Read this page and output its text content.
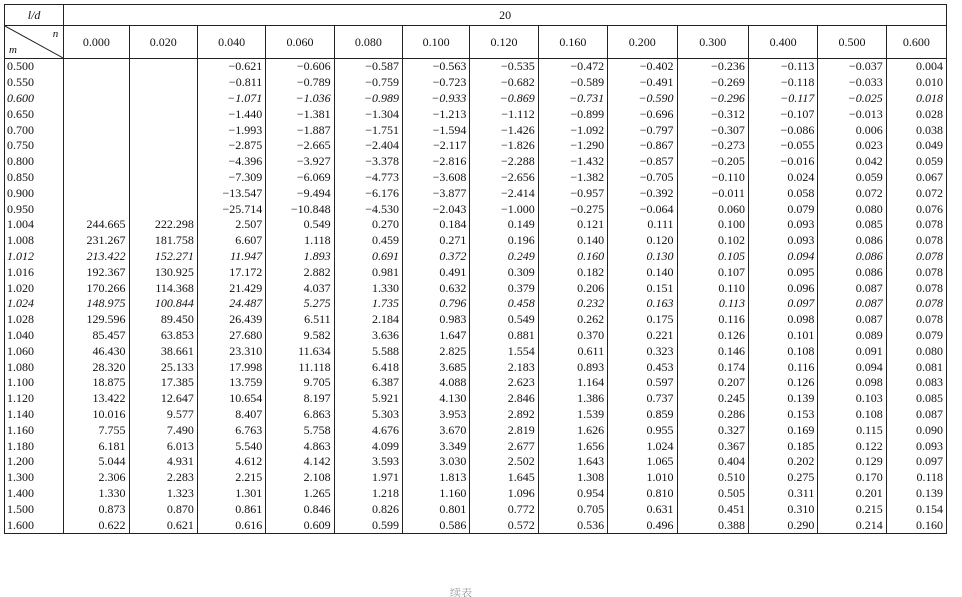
l/d	20												

n
m	0.000	0.020	0.040	0.060	0.080	0.100	0.120	0.160	0.200	0.300	0.400	0.500	0.600
0.500			−0.621	−0.606	−0.587	−0.563	−0.535	−0.472	−0.402	−0.236	−0.113	−0.037	0.004
0.550			−0.811	−0.789	−0.759	−0.723	−0.682	−0.589	−0.491	−0.269	−0.118	−0.033	0.010
0.600			−1.071	−1.036	−0.989	−0.933	−0.869	−0.731	−0.590	−0.296	−0.117	−0.025	0.018
0.650			−1.440	−1.381	−1.304	−1.213	−1.112	−0.899	−0.696	−0.312	−0.107	−0.013	0.028
0.700			−1.993	−1.887	−1.751	−1.594	−1.426	−1.092	−0.797	−0.307	−0.086	0.006	0.038
0.750			−2.875	−2.665	−2.404	−2.117	−1.826	−1.290	−0.867	−0.273	−0.055	0.023	0.049
0.800			−4.396	−3.927	−3.378	−2.816	−2.288	−1.432	−0.857	−0.205	−0.016	0.042	0.059
0.850			−7.309	−6.069	−4.773	−3.608	−2.656	−1.382	−0.705	−0.110	0.024	0.059	0.067
0.900			−13.547	−9.494	−6.176	−3.877	−2.414	−0.957	−0.392	−0.011	0.058	0.072	0.072
0.950			−25.714	−10.848	−4.530	−2.043	−1.000	−0.275	−0.064	0.060	0.079	0.080	0.076
1.004	244.665	222.298	2.507	0.549	0.270	0.184	0.149	0.121	0.111	0.100	0.093	0.085	0.078
1.008	231.267	181.758	6.607	1.118	0.459	0.271	0.196	0.140	0.120	0.102	0.093	0.086	0.078
1.012	213.422	152.271	11.947	1.893	0.691	0.372	0.249	0.160	0.130	0.105	0.094	0.086	0.078
1.016	192.367	130.925	17.172	2.882	0.981	0.491	0.309	0.182	0.140	0.107	0.095	0.086	0.078
1.020	170.266	114.368	21.429	4.037	1.330	0.632	0.379	0.206	0.151	0.110	0.096	0.087	0.078
1.024	148.975	100.844	24.487	5.275	1.735	0.796	0.458	0.232	0.163	0.113	0.097	0.087	0.078
1.028	129.596	89.450	26.439	6.511	2.184	0.983	0.549	0.262	0.175	0.116	0.098	0.087	0.078
1.040	85.457	63.853	27.680	9.582	3.636	1.647	0.881	0.370	0.221	0.126	0.101	0.089	0.079
1.060	46.430	38.661	23.310	11.634	5.588	2.825	1.554	0.611	0.323	0.146	0.108	0.091	0.080
1.080	28.320	25.133	17.998	11.118	6.418	3.685	2.183	0.893	0.453	0.174	0.116	0.094	0.081
1.100	18.875	17.385	13.759	9.705	6.387	4.088	2.623	1.164	0.597	0.207	0.126	0.098	0.083
1.120	13.422	12.647	10.654	8.197	5.921	4.130	2.846	1.386	0.737	0.245	0.139	0.103	0.085
1.140	10.016	9.577	8.407	6.863	5.303	3.953	2.892	1.539	0.859	0.286	0.153	0.108	0.087
1.160	7.755	7.490	6.763	5.758	4.676	3.670	2.819	1.626	0.955	0.327	0.169	0.115	0.090
1.180	6.181	6.013	5.540	4.863	4.099	3.349	2.677	1.656	1.024	0.367	0.185	0.122	0.093
1.200	5.044	4.931	4.612	4.142	3.593	3.030	2.502	1.643	1.065	0.404	0.202	0.129	0.097
1.300	2.306	2.283	2.215	2.108	1.971	1.813	1.645	1.308	1.010	0.510	0.275	0.170	0.118
1.400	1.330	1.323	1.301	1.265	1.218	1.160	1.096	0.954	0.810	0.505	0.311	0.201	0.139
1.500	0.873	0.870	0.861	0.846	0.826	0.801	0.772	0.705	0.631	0.451	0.310	0.215	0.154
1.600	0.622	0.621	0.616	0.609	0.599	0.586	0.572	0.536	0.496	0.388	0.290	0.214	0.160
续表
